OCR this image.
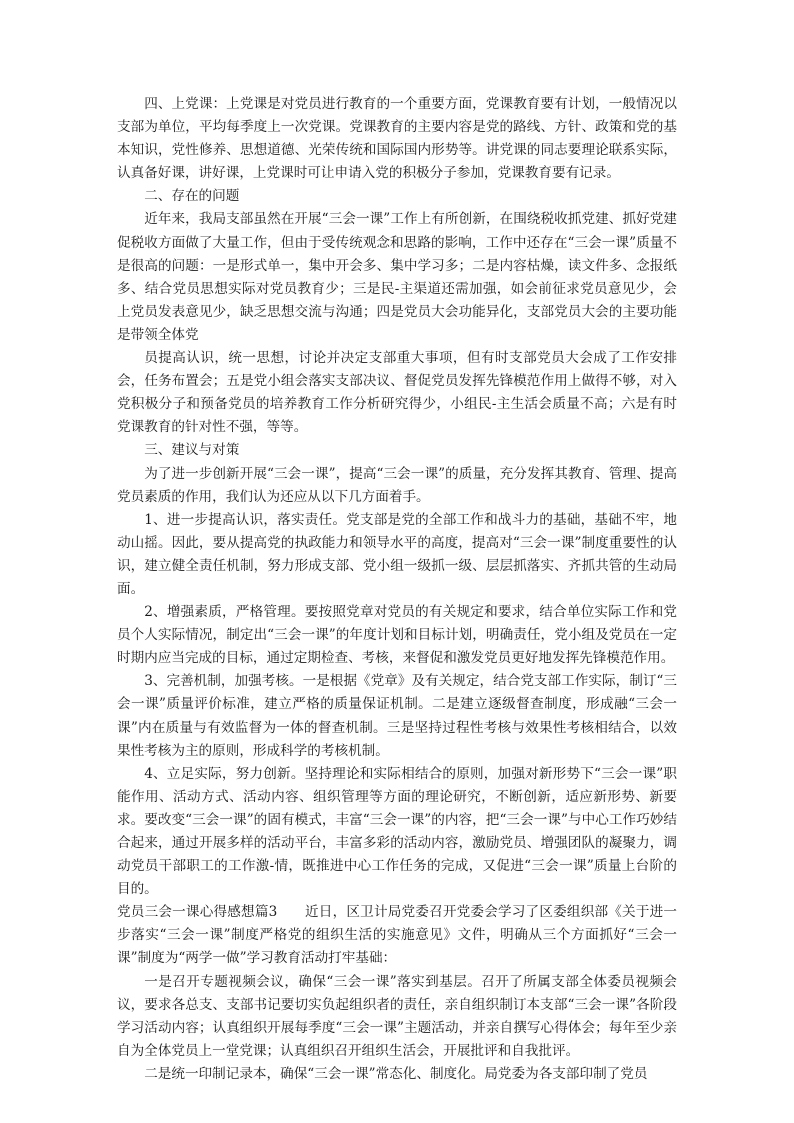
四、上党课：上党课是对党员进行教育的一个重要方面，党课教育要有计划，一般情况以支部为单位，平均每季度上一次党课。党课教育的主要内容是党的路线、方针、政策和党的基本知识，党性修养、思想道德、光荣传统和国际国内形势等。讲党课的同志要理论联系实际，认真备好课，讲好课，上党课时可让申请入党的积极分子参加，党课教育要有记录。

二、存在的问题

近年来，我局支部虽然在开展“三会一课”工作上有所创新，在围绕税收抓党建、抓好党建促税收方面做了大量工作，但由于受传统观念和思路的影响，工作中还存在“三会一课”质量不是很高的问题：一是形式单一，集中开会多、集中学习多；二是内容枯燥，读文件多、念报纸多、结合党员思想实际对党员教育少；三是民-主渠道还需加强，如会前征求党员意见少，会上党员发表意见少，缺乏思想交流与沟通；四是党员大会功能异化，支部党员大会的主要功能是带领全体党

员提高认识，统一思想，讨论并决定支部重大事项，但有时支部党员大会成了工作安排会，任务布置会；五是党小组会落实支部决议、督促党员发挥先锋模范作用上做得不够，对入党积极分子和预备党员的培养教育工作分析研究得少，小组民-主生活会质量不高；六是有时党课教育的针对性不强，等等。

三、建议与对策

为了进一步创新开展“三会一课”，提高“三会一课”的质量，充分发挥其教育、管理、提高党员素质的作用，我们认为还应从以下几方面着手。

1、进一步提高认识，落实责任。党支部是党的全部工作和战斗力的基础，基础不牢，地动山摇。因此，要从提高党的执政能力和领导水平的高度，提高对“三会一课”制度重要性的认识，建立健全责任机制，努力形成支部、党小组一级抓一级、层层抓落实、齐抓共管的生动局面。

2、增强素质，严格管理。要按照党章对党员的有关规定和要求，结合单位实际工作和党员个人实际情况，制定出“三会一课”的年度计划和目标计划，明确责任，党小组及党员在一定时期内应当完成的目标，通过定期检查、考核，来督促和激发党员更好地发挥先锋模范作用。

3、完善机制，加强考核。一是根据《党章》及有关规定，结合党支部工作实际，制订“三会一课”质量评价标准，建立严格的质量保证机制。二是建立逐级督查制度，形成融“三会一课”内在质量与有效监督为一体的督查机制。三是坚持过程性考核与效果性考核相结合，以效果性考核为主的原则，形成科学的考核机制。

4、立足实际，努力创新。坚持理论和实际相结合的原则，加强对新形势下“三会一课”职能作用、活动方式、活动内容、组织管理等方面的理论研究，不断创新，适应新形势、新要求。要改变“三会一课”的固有模式，丰富“三会一课”的内容，把“三会一课”与中心工作巧妙结合起来，通过开展多样的活动平台，丰富多彩的活动内容，激励党员、增强团队的凝聚力，调动党员干部职工的工作激-情，既推进中心工作任务的完成，又促进“三会一课”质量上台阶的目的。

党员三会一课心得感想篇3　　近日，区卫计局党委召开党委会学习了区委组织部《关于进一步落实“三会一课”制度严格党的组织生活的实施意见》文件，明确从三个方面抓好“三会一课”制度为“两学一做”学习教育活动打牢基础：

一是召开专题视频会议，确保“三会一课”落实到基层。召开了所属支部全体委员视频会议，要求各总支、支部书记要切实负起组织者的责任，亲自组织制订本支部“三会一课”各阶段学习活动内容；认真组织开展每季度“三会一课”主题活动，并亲自撰写心得体会；每年至少亲自为全体党员上一堂党课；认真组织召开组织生活会，开展批评和自我批评。

二是统一印制记录本，确保“三会一课”常态化、制度化。局党委为各支部印制了党员
